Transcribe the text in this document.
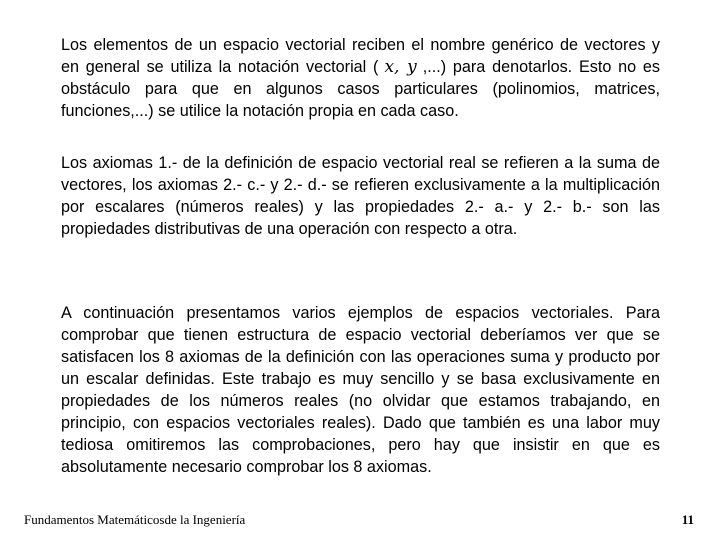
Los elementos de un espacio vectorial reciben el nombre genérico de vectores y en general se utiliza la notación vectorial ( x, y ,...) para denotarlos. Esto no es obstáculo para que en algunos casos particulares (polinomios, matrices, funciones,...) se utilice la notación propia en cada caso.

Los axiomas 1.- de la definición de espacio vectorial real se refieren a la suma de vectores, los axiomas 2.- c.- y 2.- d.- se refieren exclusivamente a la multiplicación por escalares (números reales) y las propiedades 2.- a.- y 2.- b.- son las propiedades distributivas de una operación con respecto a otra.

A continuación presentamos varios ejemplos de espacios vectoriales. Para comprobar que tienen estructura de espacio vectorial deberíamos ver que se satisfacen los 8 axiomas de la definición con las operaciones suma y producto por un escalar definidas. Este trabajo es muy sencillo y se basa exclusivamente en propiedades de los números reales (no olvidar que estamos trabajando, en principio, con espacios vectoriales reales). Dado que también es una labor muy tediosa omitiremos las comprobaciones, pero hay que insistir en que es absolutamente necesario comprobar los 8 axiomas.

Fundamentos Matemáticosde la Ingeniería	11
